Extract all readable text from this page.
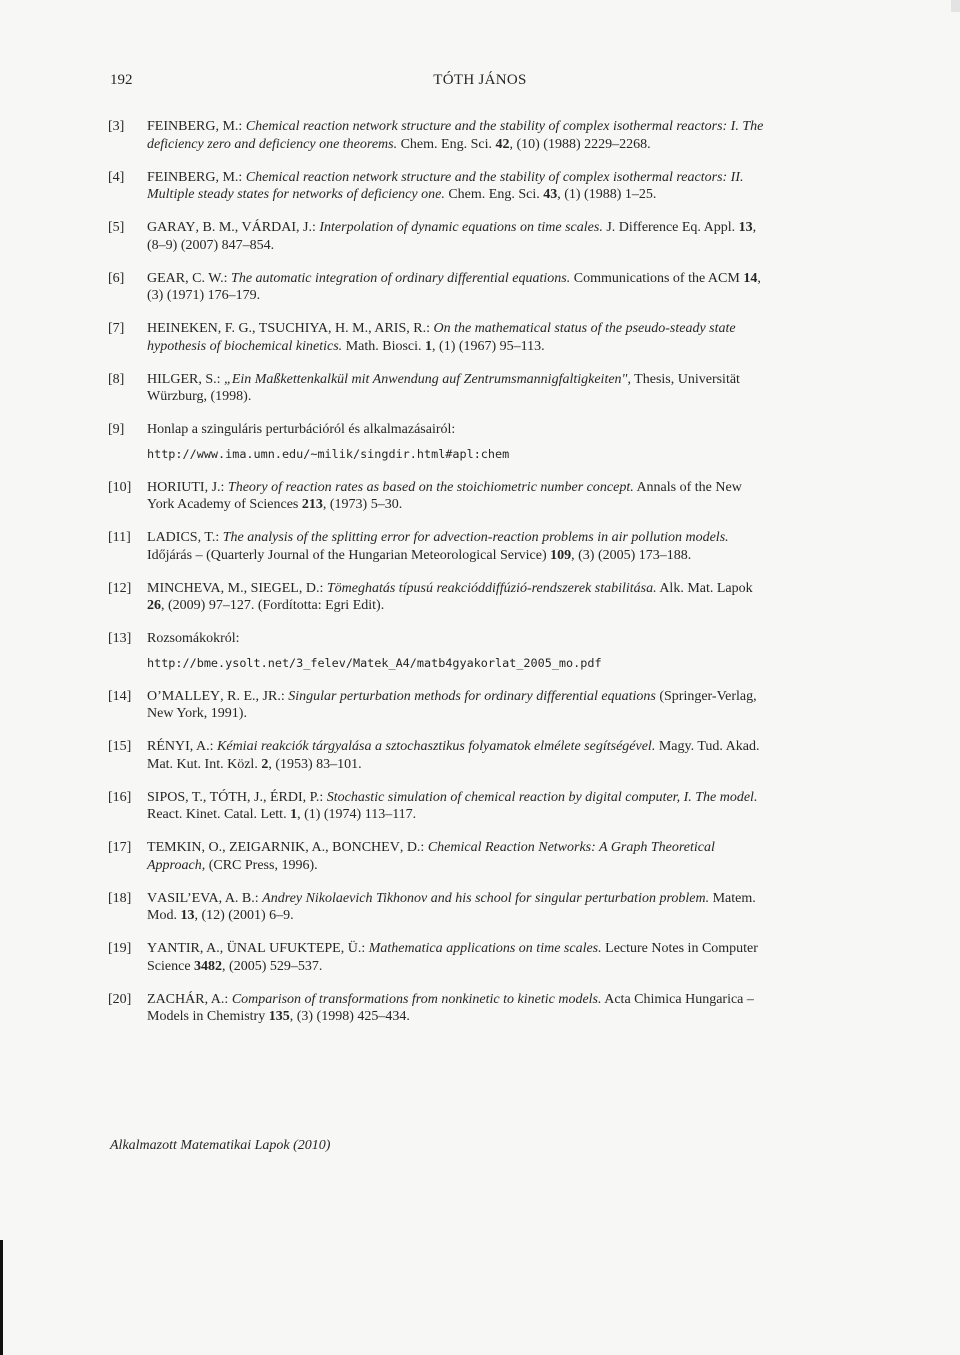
192	TÓTH JÁNOS
[3] FEINBERG, M.: Chemical reaction network structure and the stability of complex isothermal reactors: I. The deficiency zero and deficiency one theorems. Chem. Eng. Sci. 42, (10) (1988) 2229–2268.
[4] FEINBERG, M.: Chemical reaction network structure and the stability of complex isothermal reactors: II. Multiple steady states for networks of deficiency one. Chem. Eng. Sci. 43, (1) (1988) 1–25.
[5] GARAY, B. M., VÁRDAI, J.: Interpolation of dynamic equations on time scales. J. Difference Eq. Appl. 13, (8–9) (2007) 847–854.
[6] GEAR, C. W.: The automatic integration of ordinary differential equations. Communications of the ACM 14, (3) (1971) 176–179.
[7] HEINEKEN, F. G., TSUCHIYA, H. M., ARIS, R.: On the mathematical status of the pseudo-steady state hypothesis of biochemical kinetics. Math. Biosci. 1, (1) (1967) 95–113.
[8] HILGER, S.: „Ein Maßkettenkalkül mit Anwendung auf Zentrumsmannigfaltigkeiten", Thesis, Universität Würzburg, (1998).
[9] Honlap a szinguláris perturbációról és alkalmazásairól:
http://www.ima.umn.edu/~milik/singdir.html#apl:chem
[10] HORIUTI, J.: Theory of reaction rates as based on the stoichiometric number concept. Annals of the New York Academy of Sciences 213, (1973) 5–30.
[11] LADICS, T.: The analysis of the splitting error for advection-reaction problems in air pollution models. Időjárás – (Quarterly Journal of the Hungarian Meteorological Service) 109, (3) (2005) 173–188.
[12] MINCHEVA, M., SIEGEL, D.: Tömeghatás típusú reakcióddiffúzió-rendszerek stabilitása. Alk. Mat. Lapok 26, (2009) 97–127. (Fordította: Egri Edit).
[13] Rozsomákokról:
http://bme.ysolt.net/3_felev/Matek_A4/matb4gyakorlat_2005_mo.pdf
[14] O’MALLEY, R. E., JR.: Singular perturbation methods for ordinary differential equations (Springer-Verlag, New York, 1991).
[15] RÉNYI, A.: Kémiai reakciók tárgyalása a sztochasztikus folyamatok elmélete segítségével. Magy. Tud. Akad. Mat. Kut. Int. Közl. 2, (1953) 83–101.
[16] SIPOS, T., TÓTH, J., ÉRDI, P.: Stochastic simulation of chemical reaction by digital computer, I. The model. React. Kinet. Catal. Lett. 1, (1) (1974) 113–117.
[17] TEMKIN, O., ZEIGARNIK, A., BONCHEV, D.: Chemical Reaction Networks: A Graph Theoretical Approach, (CRC Press, 1996).
[18] VASIL’EVA, A. B.: Andrey Nikolaevich Tikhonov and his school for singular perturbation problem. Matem. Mod. 13, (12) (2001) 6–9.
[19] YANTIR, A., ÜNAL UFUKTEPE, Ü.: Mathematica applications on time scales. Lecture Notes in Computer Science 3482, (2005) 529–537.
[20] ZACHÁR, A.: Comparison of transformations from nonkinetic to kinetic models. Acta Chimica Hungarica – Models in Chemistry 135, (3) (1998) 425–434.
Alkalmazott Matematikai Lapok (2010)
